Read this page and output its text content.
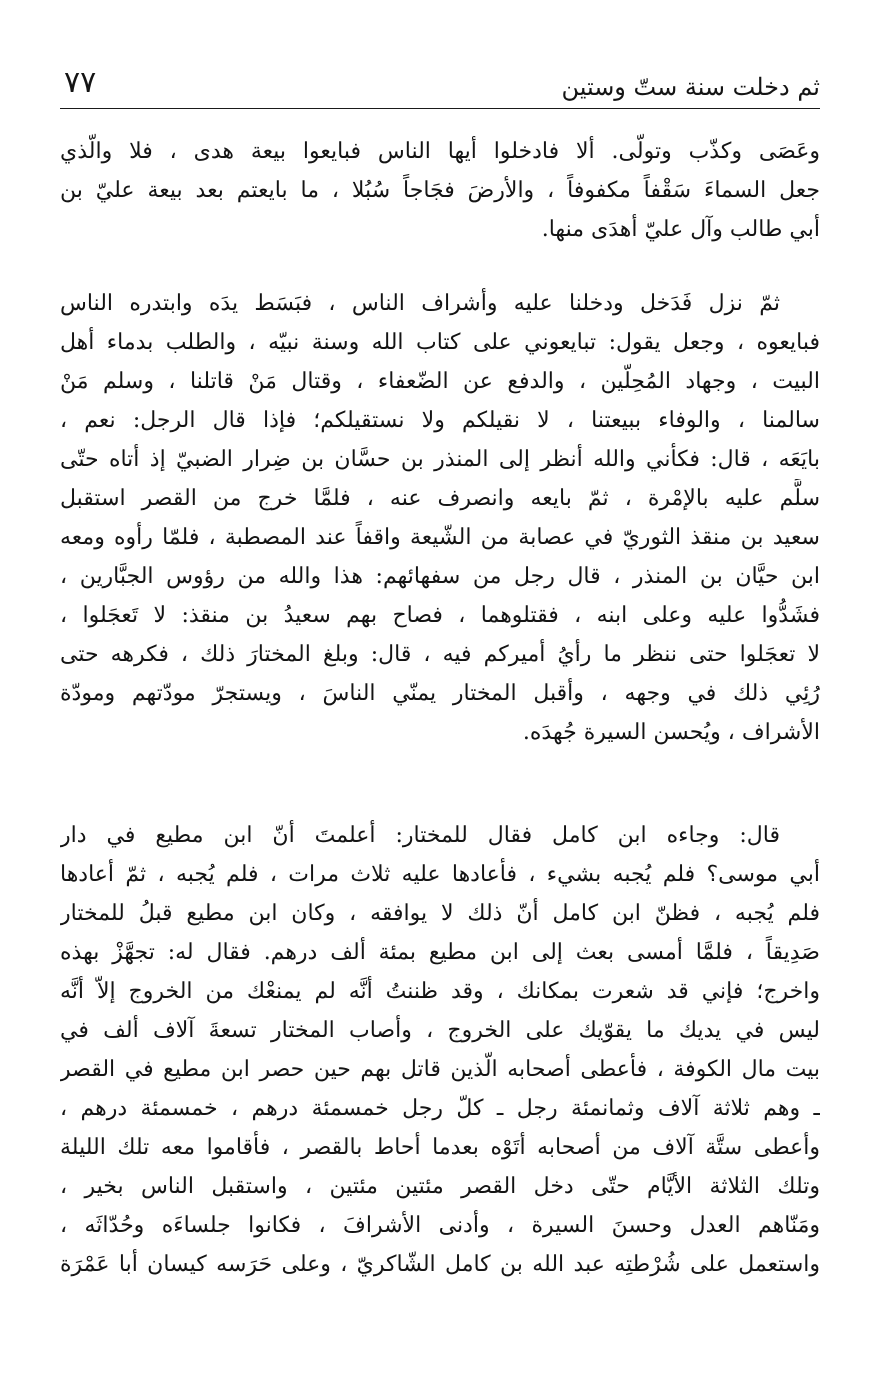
ثم دخلت سنة ستّ وستين
٧٧
وعَصَى وكذّب وتولّى. ألا فادخلوا أيها الناس فبايعوا بيعة هدى ، فلا والّذي
جعل السماءَ سَقْفاً مكفوفاً ، والأرضَ فجَاجاً سُبُلا ، ما بايعتم بعد بيعة عليّ بن
أبي طالب وآل عليّ أهدَى منها.
ثمّ نزل فَدَخل ودخلنا عليه وأشراف الناس ، فبَسَط يدَه وابتدره الناس
فبايعوه ، وجعل يقول: تبايعوني على كتاب الله وسنة نبيّه ، والطلب بدماء أهل
البيت ، وجهاد المُحِلّين ، والدفع عن الضّعفاء ، وقتال مَنْ قاتلنا ، وسلم مَنْ
سالمنا ، والوفاء ببيعتنا ، لا نقيلكم ولا نستقيلكم؛ فإذا قال الرجل: نعم ،
بايَعَه ، قال: فكأني والله أنظر إلى المنذر بن حسَّان بن ضِرار الضبيّ إذ أتاه حتّى
سلَّم عليه بالإمْرة ، ثمّ بايعه وانصرف عنه ، فلمَّا خرج من القصر استقبل
سعيد بن منقذ الثوريّ في عصابة من الشّيعة واقفاً عند المصطبة ، فلمّا رأوه ومعه
ابن حيَّان بن المنذر ، قال رجل من سفهائهم: هذا والله من رؤوس الجبَّارين ،
فشَدُّوا عليه وعلى ابنه ، فقتلوهما ، فصاح بهم سعيدُ بن منقذ: لا تَعجَلوا ،
لا تعجَلوا حتى ننظر ما رأيُ أميركم فيه ، قال: وبلغ المختارَ ذلك ، فكرهه حتى
رُئِي ذلك في وجهه ، وأقبل المختار يمنّي الناسَ ، ويستجرّ مودّتهم ومودّة
الأشراف ، ويُحسن السيرة جُهدَه.
قال: وجاءه ابن كامل فقال للمختار: أعلمتَ أنّ ابن مطيع في دار
أبي موسى؟ فلم يُجبه بشيء ، فأعادها عليه ثلاث مرات ، فلم يُجبه ، ثمّ أعادها
فلم يُجبه ، فظنّ ابن كامل أنّ ذلك لا يوافقه ، وكان ابن مطيع قبلُ للمختار
صَدِيقاً ، فلمَّا أمسى بعث إلى ابن مطيع بمئة ألف درهم. فقال له: تجهَّزْ بهذه
واخرج؛ فإني قد شعرت بمكانك ، وقد ظننتُ أنَّه لم يمنعْك من الخروج إلاّ أنَّه
ليس في يديك ما يقوّيك على الخروج ، وأصاب المختار تسعةَ آلاف ألف في
بيت مال الكوفة ، فأعطى أصحابه الّذين قاتل بهم حين حصر ابن مطيع في القصر
ـ وهم ثلاثة آلاف وثمانمئة رجل ـ كلّ رجل خمسمئة درهم ، خمسمئة درهم ،
وأعطى ستَّة آلاف من أصحابه أتَوْه بعدما أحاط بالقصر ، فأقاموا معه تلك الليلة
وتلك الثلاثة الأيَّام حتّى دخل القصر مئتين مئتين ، واستقبل الناس بخير ،
ومَنّاهم العدل وحسنَ السيرة ، وأدنى الأشرافَ ، فكانوا جلساءَه وحُدّاثَه ،
واستعمل على شُرْطتِه عبد الله بن كامل الشّاكريّ ، وعلى حَرَسه كيسان أبا عَمْرَة
